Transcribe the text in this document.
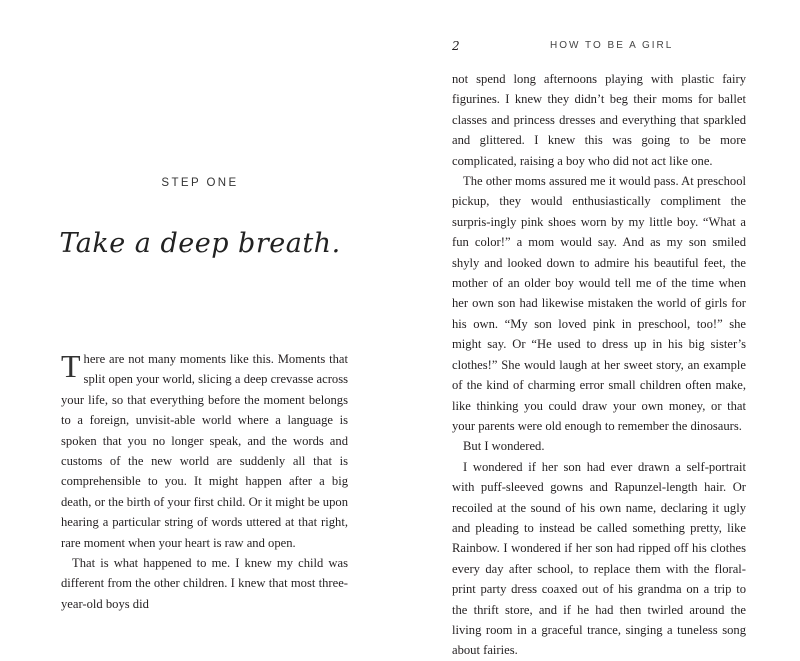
STEP ONE
Take a deep breath.

There are not many moments like this. Moments that split open your world, slicing a deep crevasse across your life, so that everything before the moment belongs to a foreign, unvisit-able world where a language is spoken that you no longer speak, and the words and customs of the new world are suddenly all that is comprehensible to you. It might happen after a big death, or the birth of your first child. Or it might be upon hearing a particular string of words uttered at that right, rare moment when your heart is raw and open.

That is what happened to me. I knew my child was different from the other children. I knew that most three-year-old boys did

2	HOW TO BE A GIRL

not spend long afternoons playing with plastic fairy figurines. I knew they didn’t beg their moms for ballet classes and princess dresses and everything that sparkled and glittered. I knew this was going to be more complicated, raising a boy who did not act like one.

The other moms assured me it would pass. At preschool pickup, they would enthusiastically compliment the surpris-ingly pink shoes worn by my little boy. “What a fun color!” a mom would say. And as my son smiled shyly and looked down to admire his beautiful feet, the mother of an older boy would tell me of the time when her own son had likewise mistaken the world of girls for his own. “My son loved pink in preschool, too!” she might say. Or “He used to dress up in his big sister’s clothes!” She would laugh at her sweet story, an example of the kind of charming error small children often make, like thinking you could draw your own money, or that your parents were old enough to remember the dinosaurs.

But I wondered.

I wondered if her son had ever drawn a self-portrait with puff-sleeved gowns and Rapunzel-length hair. Or recoiled at the sound of his own name, declaring it ugly and pleading to instead be called something pretty, like Rainbow. I wondered if her son had ripped off his clothes every day after school, to replace them with the floral-print party dress coaxed out of his grandma on a trip to the thrift store, and if he had then twirled around the living room in a graceful trance, singing a tuneless song about fairies.
